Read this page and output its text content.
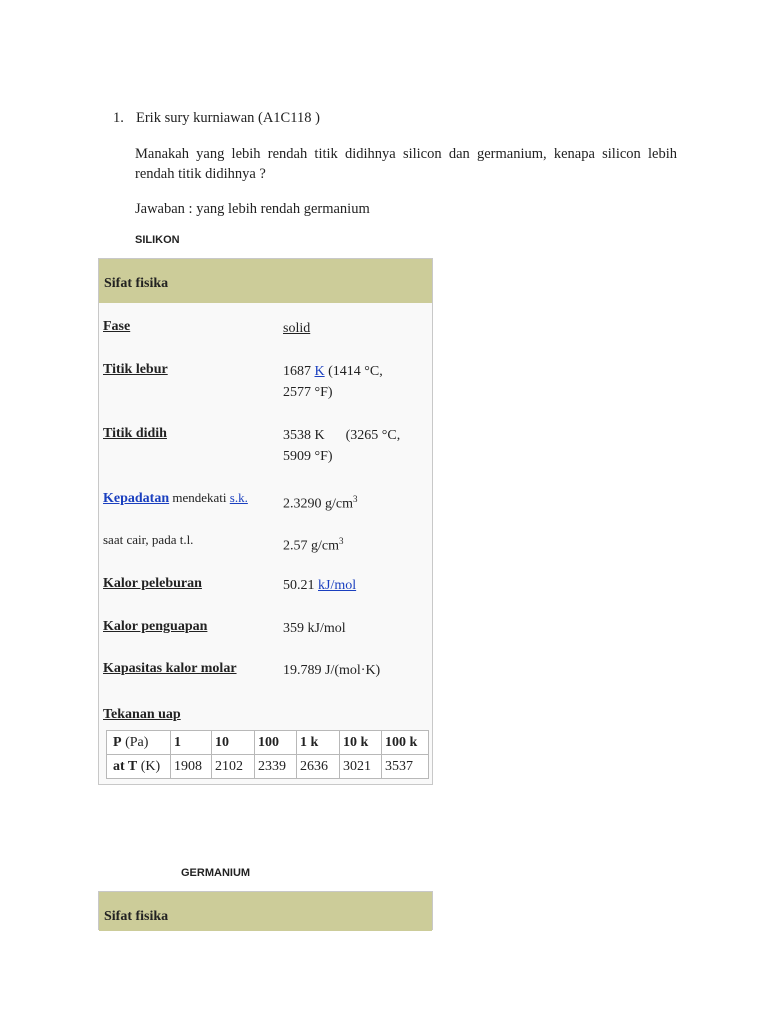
1. Erik sury kurniawan (A1C118 )
Manakah yang lebih rendah titik didihnya silicon dan germanium, kenapa silicon lebih rendah titik didihnya ?
Jawaban : yang lebih rendah germanium
SILIKON
Sifat fisika
Fase	solid
Titik lebur	1687 K (1414 °C,
2577 °F)
Titik didih	3538 K      (3265 °C,
5909 °F)
Kepadatan mendekati s.k.	2.3290 $g/cm^3$
saat cair, pada t.l.	2.57 $g/cm^3$
Kalor peleburan	50.21 kJ/mol
Kalor penguapan	359 kJ/mol
Kapasitas kalor molar	19.789 J/(mol·K)
Tekanan uap
P (Pa)	1	10	100	1 k	10 k	100 k
at T (K)	1908	2102	2339	2636	3021	3537
GERMANIUM
Sifat fisika
